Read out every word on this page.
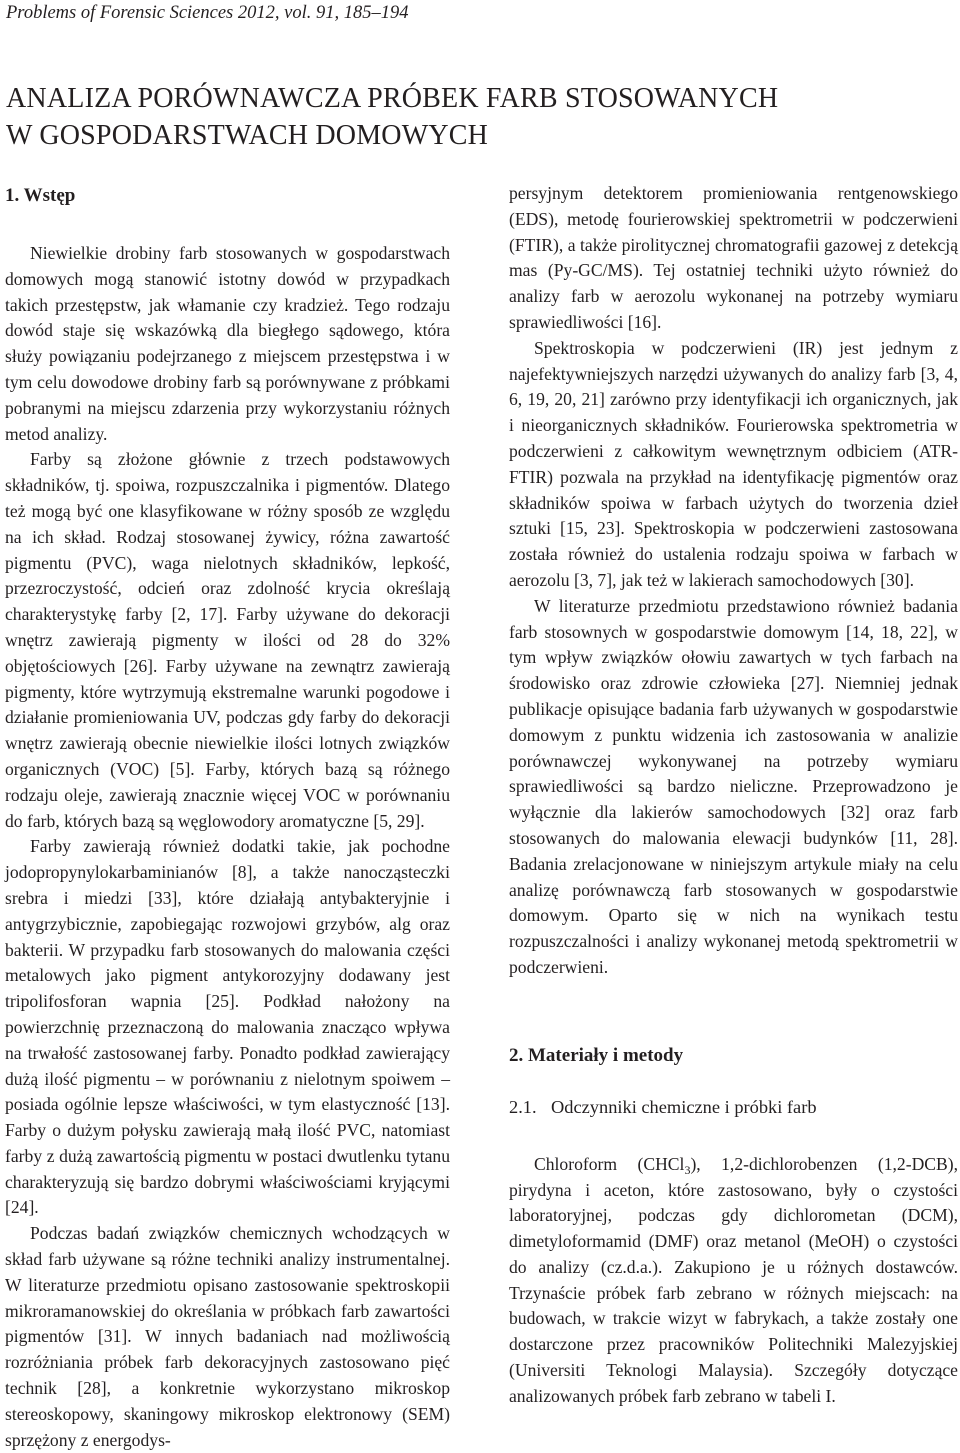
Problems of Forensic Sciences 2012, vol. 91, 185–194
ANALIZA PORÓWNAWCZA PRÓBEK FARB STOSOWANYCH
W GOSPODARSTWACH DOMOWYCH
1. Wstęp

Niewielkie drobiny farb stosowanych w gospodarstwach domowych mogą stanowić istotny dowód w przypadkach takich przestępstw, jak włamanie czy kradzież. Tego rodzaju dowód staje się wskazówką dla biegłego sądowego, która służy powiązaniu podejrzanego z miejscem przestępstwa i w tym celu dowodowe drobiny farb są porównywane z próbkami pobranymi na miejscu zdarzenia przy wykorzystaniu różnych metod analizy.

Farby są złożone głównie z trzech podstawowych składników, tj. spoiwa, rozpuszczalnika i pigmentów. Dlatego też mogą być one klasyfikowane w różny sposób ze względu na ich skład. Rodzaj stosowanej żywicy, różna zawartość pigmentu (PVC), waga nielotnych składników, lepkość, przezroczystość, odcień oraz zdolność krycia określają charakterystykę farby [2, 17]. Farby używane do dekoracji wnętrz zawierają pigmenty w ilości od 28 do 32% objętościowych [26]. Farby używane na zewnątrz zawierają pigmenty, które wytrzymują ekstremalne warunki pogodowe i działanie promieniowania UV, podczas gdy farby do dekoracji wnętrz zawierają obecnie niewielkie ilości lotnych związków organicznych (VOC) [5]. Farby, których bazą są różnego rodzaju oleje, zawierają znacznie więcej VOC w porównaniu do farb, których bazą są węglowodory aromatyczne [5, 29].

Farby zawierają również dodatki takie, jak pochodne jodopropynylokarbaminianów [8], a także nanocząsteczki srebra i miedzi [33], które działają antybakteryjnie i antygrzybicznie, zapobiegając rozwojowi grzybów, alg oraz bakterii. W przypadku farb stosowanych do malowania części metalowych jako pigment antykorozyjny dodawany jest tripolifosforan wapnia [25]. Podkład nałożony na powierzchnię przeznaczoną do malowania znacząco wpływa na trwałość zastosowanej farby. Ponadto podkład zawierający dużą ilość pigmentu – w porównaniu z nielotnym spoiwem – posiada ogólnie lepsze właściwości, w tym elastyczność [13]. Farby o dużym połysku zawierają małą ilość PVC, natomiast farby z dużą zawartością pigmentu w postaci dwutlenku tytanu charakteryzują się bardzo dobrymi właściwościami kryjącymi [24].

Podczas badań związków chemicznych wchodzących w skład farb używane są różne techniki analizy instrumentalnej. W literaturze przedmiotu opisano zastosowanie spektroskopii mikroramanowskiej do określania w próbkach farb zawartości pigmentów [31]. W innych badaniach nad możliwością rozróżniania próbek farb dekoracyjnych zastosowano pięć technik [28], a konkretnie wykorzystano mikroskop stereoskopowy, skaningowy mikroskop elektronowy (SEM) sprzężony z energodys-

persyjnym detektorem promieniowania rentgenowskiego (EDS), metodę fourierowskiej spektrometrii w podczerwieni (FTIR), a także pirolitycznej chromatografii gazowej z detekcją mas (Py-GC/MS). Tej ostatniej techniki użyto również do analizy farb w aerozolu wykonanej na potrzeby wymiaru sprawiedliwości [16].

Spektroskopia w podczerwieni (IR) jest jednym z najefektywniejszych narzędzi używanych do analizy farb [3, 4, 6, 19, 20, 21] zarówno przy identyfikacji ich organicznych, jak i nieorganicznych składników. Fourierowska spektrometria w podczerwieni z całkowitym wewnętrznym odbiciem (ATR-FTIR) pozwala na przykład na identyfikację pigmentów oraz składników spoiwa w farbach użytych do tworzenia dzieł sztuki [15, 23]. Spektroskopia w podczerwieni zastosowana została również do ustalenia rodzaju spoiwa w farbach w aerozolu [3, 7], jak też w lakierach samochodowych [30].

W literaturze przedmiotu przedstawiono również badania farb stosownych w gospodarstwie domowym [14, 18, 22], w tym wpływ związków ołowiu zawartych w tych farbach na środowisko oraz zdrowie człowieka [27]. Niemniej jednak publikacje opisujące badania farb używanych w gospodarstwie domowym z punktu widzenia ich zastosowania w analizie porównawczej wykonywanej na potrzeby wymiaru sprawiedliwości są bardzo nieliczne. Przeprowadzono je wyłącznie dla lakierów samochodowych [32] oraz farb stosowanych do malowania elewacji budynków [11, 28]. Badania zrelacjonowane w niniejszym artykule miały na celu analizę porównawczą farb stosowanych w gospodarstwie domowym. Oparto się w nich na wynikach testu rozpuszczalności i analizy wykonanej metodą spektrometrii w podczerwieni.

2. Materiały i metody
2.1. Odczynniki chemiczne i próbki farb

Chloroform (CHCl$_3$), 1,2-dichlorobenzen (1,2-DCB), pirydyna i aceton, które zastosowano, były o czystości laboratoryjnej, podczas gdy dichlorometan (DCM), dimetyloformamid (DMF) oraz metanol (MeOH) o czystości do analizy (cz.d.a.). Zakupiono je u różnych dostawców. Trzynaście próbek farb zebrano w różnych miejscach: na budowach, w trakcie wizyt w fabrykach, a także zostały one dostarczone przez pracowników Politechniki Malezyjskiej (Universiti Teknologi Malaysia). Szczegóły dotyczące analizowanych próbek farb zebrano w tabeli I.
